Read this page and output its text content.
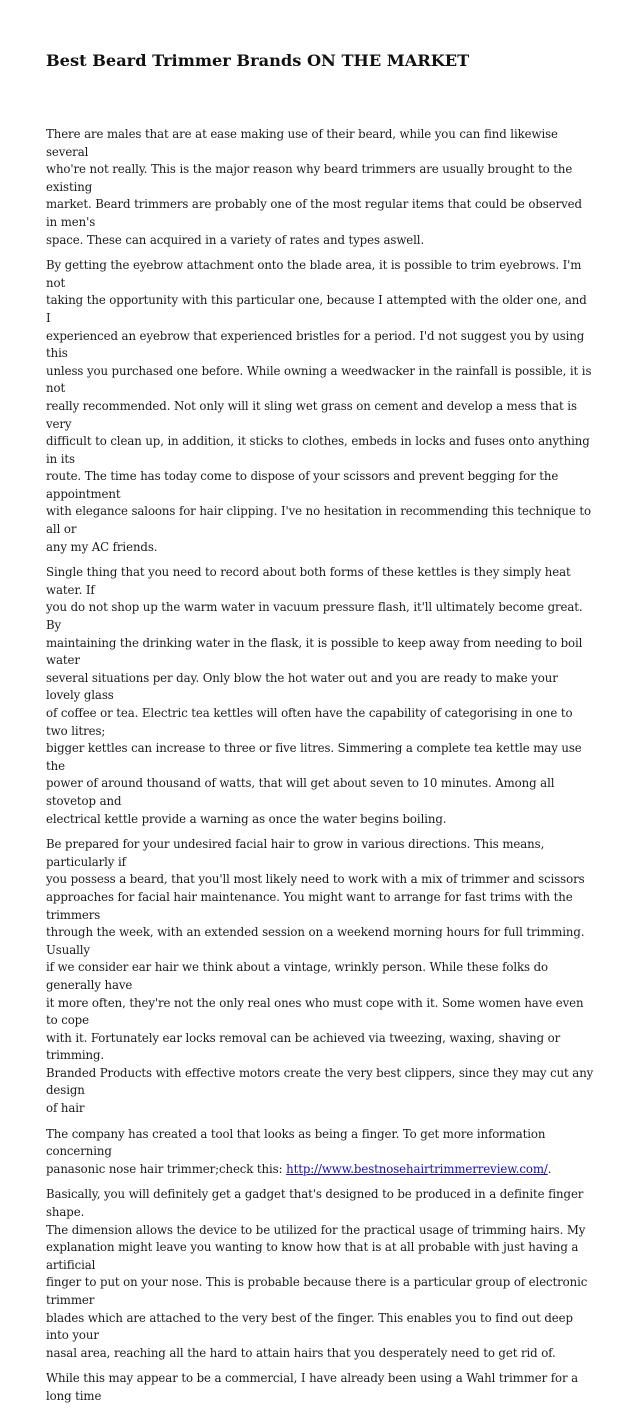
Best Beard Trimmer Brands ON THE MARKET

There are males that are at ease making use of their beard, while you can find likewise several
who're not really. This is the major reason why beard trimmers are usually brought to the existing
market. Beard trimmers are probably one of the most regular items that could be observed in men's
space. These can acquired in a variety of rates and types aswell.

By getting the eyebrow attachment onto the blade area, it is possible to trim eyebrows. I'm not
taking the opportunity with this particular one, because I attempted with the older one, and I
experienced an eyebrow that experienced bristles for a period. I'd not suggest you by using this
unless you purchased one before. While owning a weedwacker in the rainfall is possible, it is not
really recommended. Not only will it sling wet grass on cement and develop a mess that is very
difficult to clean up, in addition, it sticks to clothes, embeds in locks and fuses onto anything in its
route. The time has today come to dispose of your scissors and prevent begging for the appointment
with elegance saloons for hair clipping. I've no hesitation in recommending this technique to all or
any my AC friends.

Single thing that you need to record about both forms of these kettles is they simply heat water. If
you do not shop up the warm water in vacuum pressure flash, it'll ultimately become great. By
maintaining the drinking water in the flask, it is possible to keep away from needing to boil water
several situations per day. Only blow the hot water out and you are ready to make your lovely glass
of coffee or tea. Electric tea kettles will often have the capability of categorising in one to two litres;
bigger kettles can increase to three or five litres. Simmering a complete tea kettle may use the
power of around thousand of watts, that will get about seven to 10 minutes. Among all stovetop and
electrical kettle provide a warning as once the water begins boiling.

Be prepared for your undesired facial hair to grow in various directions. This means, particularly if
you possess a beard, that you'll most likely need to work with a mix of trimmer and scissors
approaches for facial hair maintenance. You might want to arrange for fast trims with the trimmers
through the week, with an extended session on a weekend morning hours for full trimming. Usually
if we consider ear hair we think about a vintage, wrinkly person. While these folks do generally have
it more often, they're not the only real ones who must cope with it. Some women have even to cope
with it. Fortunately ear locks removal can be achieved via tweezing, waxing, shaving or trimming.
Branded Products with effective motors create the very best clippers, since they may cut any design
of hair

The company has created a tool that looks as being a finger. To get more information concerning
panasonic nose hair trimmer;check this: http://www.bestnosehairtrimmerreview.com/.

Basically, you will definitely get a gadget that's designed to be produced in a definite finger shape.
The dimension allows the device to be utilized for the practical usage of trimming hairs. My
explanation might leave you wanting to know how that is at all probable with just having a artificial
finger to put on your nose. This is probable because there is a particular group of electronic trimmer
blades which are attached to the very best of the finger. This enables you to find out deep into your
nasal area, reaching all the hard to attain hairs that you desperately need to get rid of.

While this may appear to be a commercial, I have already been using a Wahl trimmer for a long time
